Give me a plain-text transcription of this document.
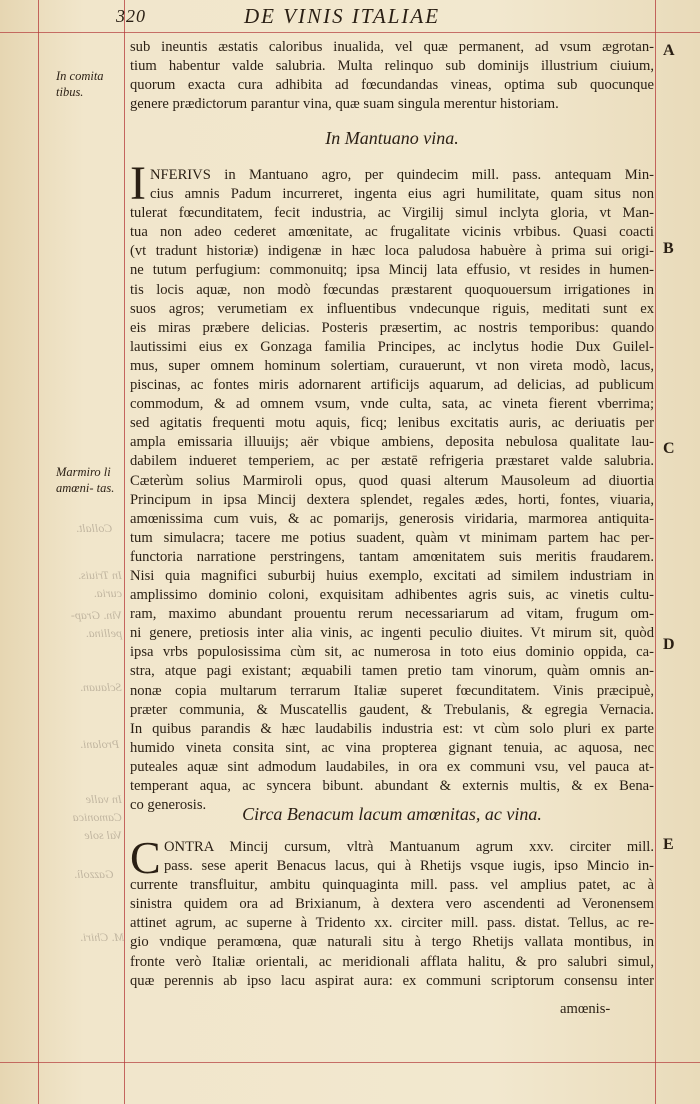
320	DE VINIS ITALIAE
Collalt.
In Triuis. curia.
Vin. Grap- pellina.
Sclauan.
Prolani.
In valle Camonica Val sole
Gazzolì.
M. Chiri.
In comita tibus.
Marmiro li amœni- tas.
A
B
C
D
E
sub ineuntis æstatis caloribus inualida, vel quæ permanent, ad vsum ægrotan-
tium habentur valde salubria. Multa relinquo sub dominijs illustrium ciuium,
quorum exacta cura adhibita ad fœcundandas vineas, optima sub quocunque
genere prædictorum parantur vina, quæ suam singula merentur historiam.
In Mantuano vina.
I NFERIVS in Mantuano agro, per quindecim mill. pass. antequam Min-
cius amnis Padum incurreret, ingenta eius agri humilitate, quam situs non
tulerat fœcunditatem, fecit industria, ac Virgilij simul inclyta gloria, vt Man-
tua non adeo cederet amœnitate, ac frugalitate vicinis vrbibus. Quasi coacti
(vt tradunt historiæ) indigenæ in hæc loca paludosa habuère à prima sui origi-
ne tutum perfugium: commonuitq; ipsa Mincij lata effusio, vt resides in humen-
tis locis aquæ, non modò fœcundas præstarent quoquouersum irrigationes in
suos agros; verumetiam ex influentibus vndecunque riguis, meditati sunt ex
eis miras præbere delicias. Posteris præsertim, ac nostris temporibus: quando
lautissimi eius ex Gonzaga familia Principes, ac inclytus hodie Dux Guilel-
mus, super omnem hominum solertiam, curauerunt, vt non vireta modò, lacus,
piscinas, ac fontes miris adornarent artificijs aquarum, ad delicias, ad publicum
commodum, & ad omnem vsum, vnde culta, sata, ac vineta fierent vberrima;
sed agitatis frequenti motu aquis, ficq; lenibus excitatis auris, ac deriuatis per
ampla emissaria illuuijs; aër vbique ambiens, deposita nebulosa qualitate lau-
dabilem indueret temperiem, ac per æstatē refrigeria præstaret valde salubria.
Cæterùm solius Marmiroli opus, quod quasi alterum Mausoleum ad diuortia
Principum in ipsa Mincij dextera splendet, regales ædes, horti, fontes, viuaria,
amœnissima cum vuis, & ac pomarijs, generosis viridaria, marmorea antiquita-
tum simulacra; tacere me potius suadent, quàm vt minimam partem hac per-
functoria narratione perstringens, tantam amœnitatem suis meritis fraudarem.
Nisi quia magnifici suburbij huius exemplo, excitati ad similem industriam in
amplissimo dominio coloni, exquisitam adhibentes agris suis, ac vinetis cultu-
ram, maximo abundant prouentu rerum necessariarum ad vitam, frugum om-
ni genere, pretiosis inter alia vinis, ac ingenti peculio diuites. Vt mirum sit, quòd
ipsa vrbs populosissima cùm sit, ac numerosa in toto eius dominio oppida, ca-
stra, atque pagi existant; æquabili tamen pretio tam vinorum, quàm omnis an-
nonæ copia multarum terrarum Italiæ superet fœcunditatem. Vinis præcipuè,
præter communia, & Muscatellis gaudent, & Trebulanis, & egregia Vernacia.
In quibus parandis & hæc laudabilis industria est: vt cùm solo pluri ex parte
humido vineta consita sint, ac vina propterea gignant tenuia, ac aquosa, nec
puteales aquæ sint admodum laudabiles, in ora ex communi vsu, vel pauca at-
temperant aqua, ac syncera bibunt. abundant & externis multis, & ex Bena-
co generosis.	Circa Benacum lacum amœnitas, ac vina.
C ONTRA Mincij cursum, vltrà Mantuanum agrum xxv. circiter mill.
pass. sese aperit Benacus lacus, qui à Rhetijs vsque iugis, ipso Mincio in-
currente transfluitur, ambitu quinquaginta mill. pass. vel amplius patet, ac à
sinistra quidem ora ad Brixianum, à dextera vero ascendenti ad Veronensem
attinet agrum, ac superne à Tridento xx. circiter mill. pass. distat. Tellus, ac re-
gio vndique peramœna, quæ naturali situ à tergo Rhetijs vallata montibus, in
fronte verò Italiæ orientali, ac meridionali afflata halitu, & pro salubri simul,
quæ perennis ab ipso lacu aspirat aura: ex communi scriptorum consensu inter
amœnis-
